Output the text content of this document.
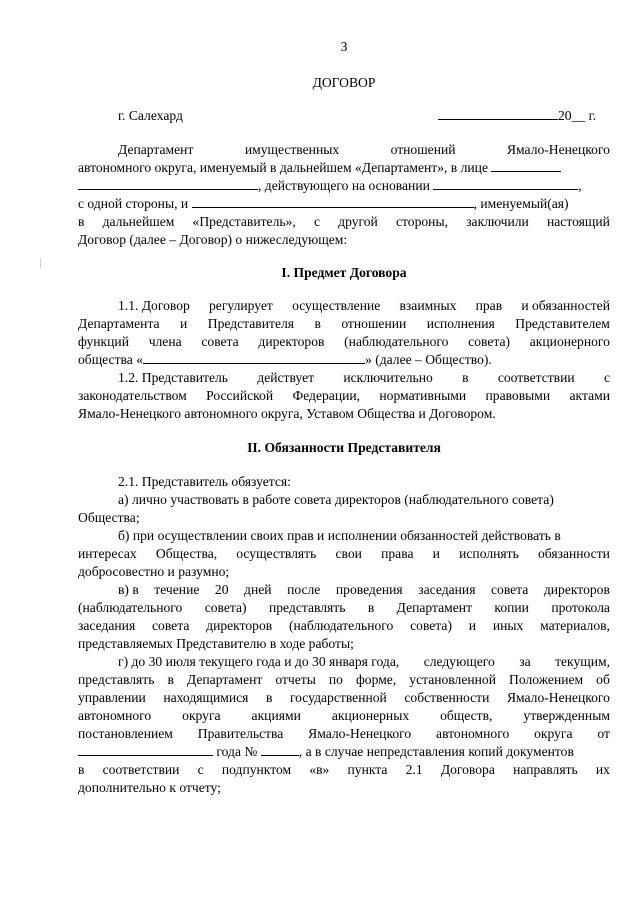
3
ДОГОВОР
г. Салехард	20__ г.
Департамент	имущественных	отношений	Ямало-Ненецкого
автономного округа, именуемый в дальнейшем «Департамент», в лице
, действующего на основании	,
с одной стороны, и	, именуемый(ая)
в дальнейшем «Представитель», с другой стороны, заключили настоящий
Договор (далее – Договор) о нижеследующем:
I. Предмет Договора
1.1. Договор регулирует осуществление взаимных прав и обязанностей
Департамента и Представителя в отношении исполнения Представителем
функций члена совета директоров (наблюдательного совета) акционерного
общества «	» (далее – Общество).
1.2. Представитель действует исключительно в соответствии с
законодательством Российской Федерации, нормативными правовыми актами
Ямало-Ненецкого автономного округа, Уставом Общества и Договором.
II. Обязанности Представителя
2.1. Представитель обязуется:
а) лично участвовать в работе совета директоров (наблюдательного совета)
Общества;
б) при осуществлении своих прав и исполнении обязанностей действовать в
интересах Общества, осуществлять свои права и исполнять обязанности
добросовестно и разумно;
в) в течение 20 дней после проведения заседания совета директоров
(наблюдательного совета) представлять в Департамент копии протокола
заседания совета директоров (наблюдательного совета) и иных материалов,
представляемых Представителю в ходе работы;
г) до 30 июля текущего года и до 30 января года, следующего за текущим,
представлять в Департамент отчеты по форме, установленной Положением об
управлении находящимися в государственной собственности Ямало-Ненецкого
автономного округа акциями акционерных обществ, утвержденным
постановлением Правительства Ямало-Ненецкого автономного округа от
года №	, а в случае непредставления копий документов
в соответствии с подпунктом «в» пункта 2.1 Договора направлять их
дополнительно к отчету;
